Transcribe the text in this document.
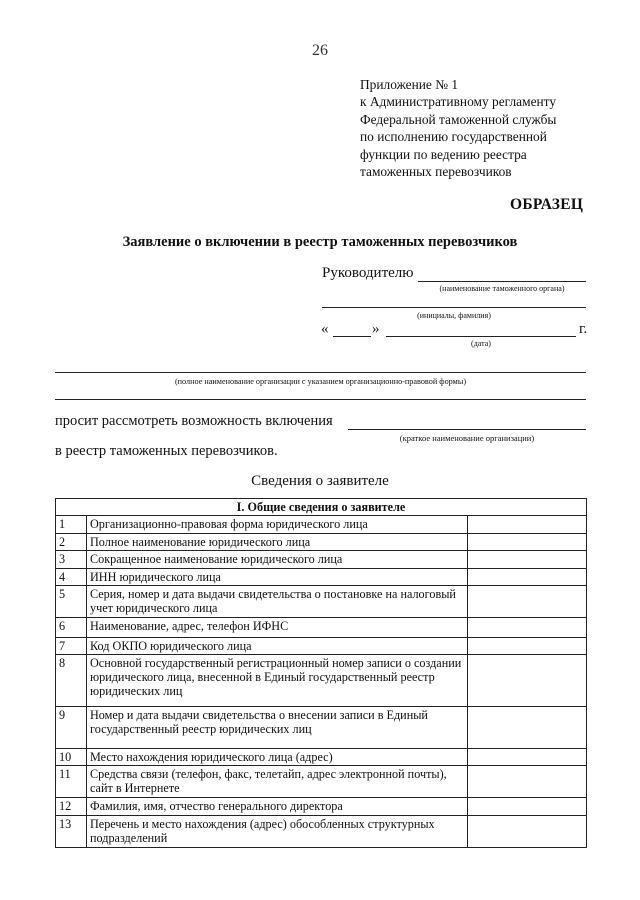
26
Приложение № 1
к Административному регламенту
Федеральной таможенной службы
по исполнению государственной
функции по ведению реестра
таможенных перевозчиков
ОБРАЗЕЦ
Заявление о включении в реестр таможенных перевозчиков
Руководителю
(наименование таможенного органа)
(инициалы, фамилия)
«	»	г.
(дата)
(полное наименование организации с указанием организационно-правовой формы)
просит рассмотреть возможность включения
(краткое наименование организации)
в реестр таможенных перевозчиков.
Сведения о заявителе
I. Общие сведения о заявителе		
1	Организационно-правовая форма юридического лица	
2	Полное наименование юридического лица	
3	Сокращенное наименование юридического лица	
4	ИНН юридического лица	
5	Серия, номер и дата выдачи свидетельства о постановке на налоговый учет юридического лица	
6	Наименование, адрес, телефон ИФНС	
7	Код ОКПО юридического лица	
8	Основной государственный регистрационный номер записи о создании юридического лица, внесенной в Единый государственный реестр юридических лиц	
9	Номер и дата выдачи свидетельства о внесении записи в Единый государственный реестр юридических лиц	
10	Место нахождения юридического лица (адрес)	
11	Средства связи (телефон, факс, телетайп, адрес электронной почты), сайт в Интернете	
12	Фамилия, имя, отчество генерального директора	
13	Перечень и место нахождения (адрес) обособленных структурных подразделений	
